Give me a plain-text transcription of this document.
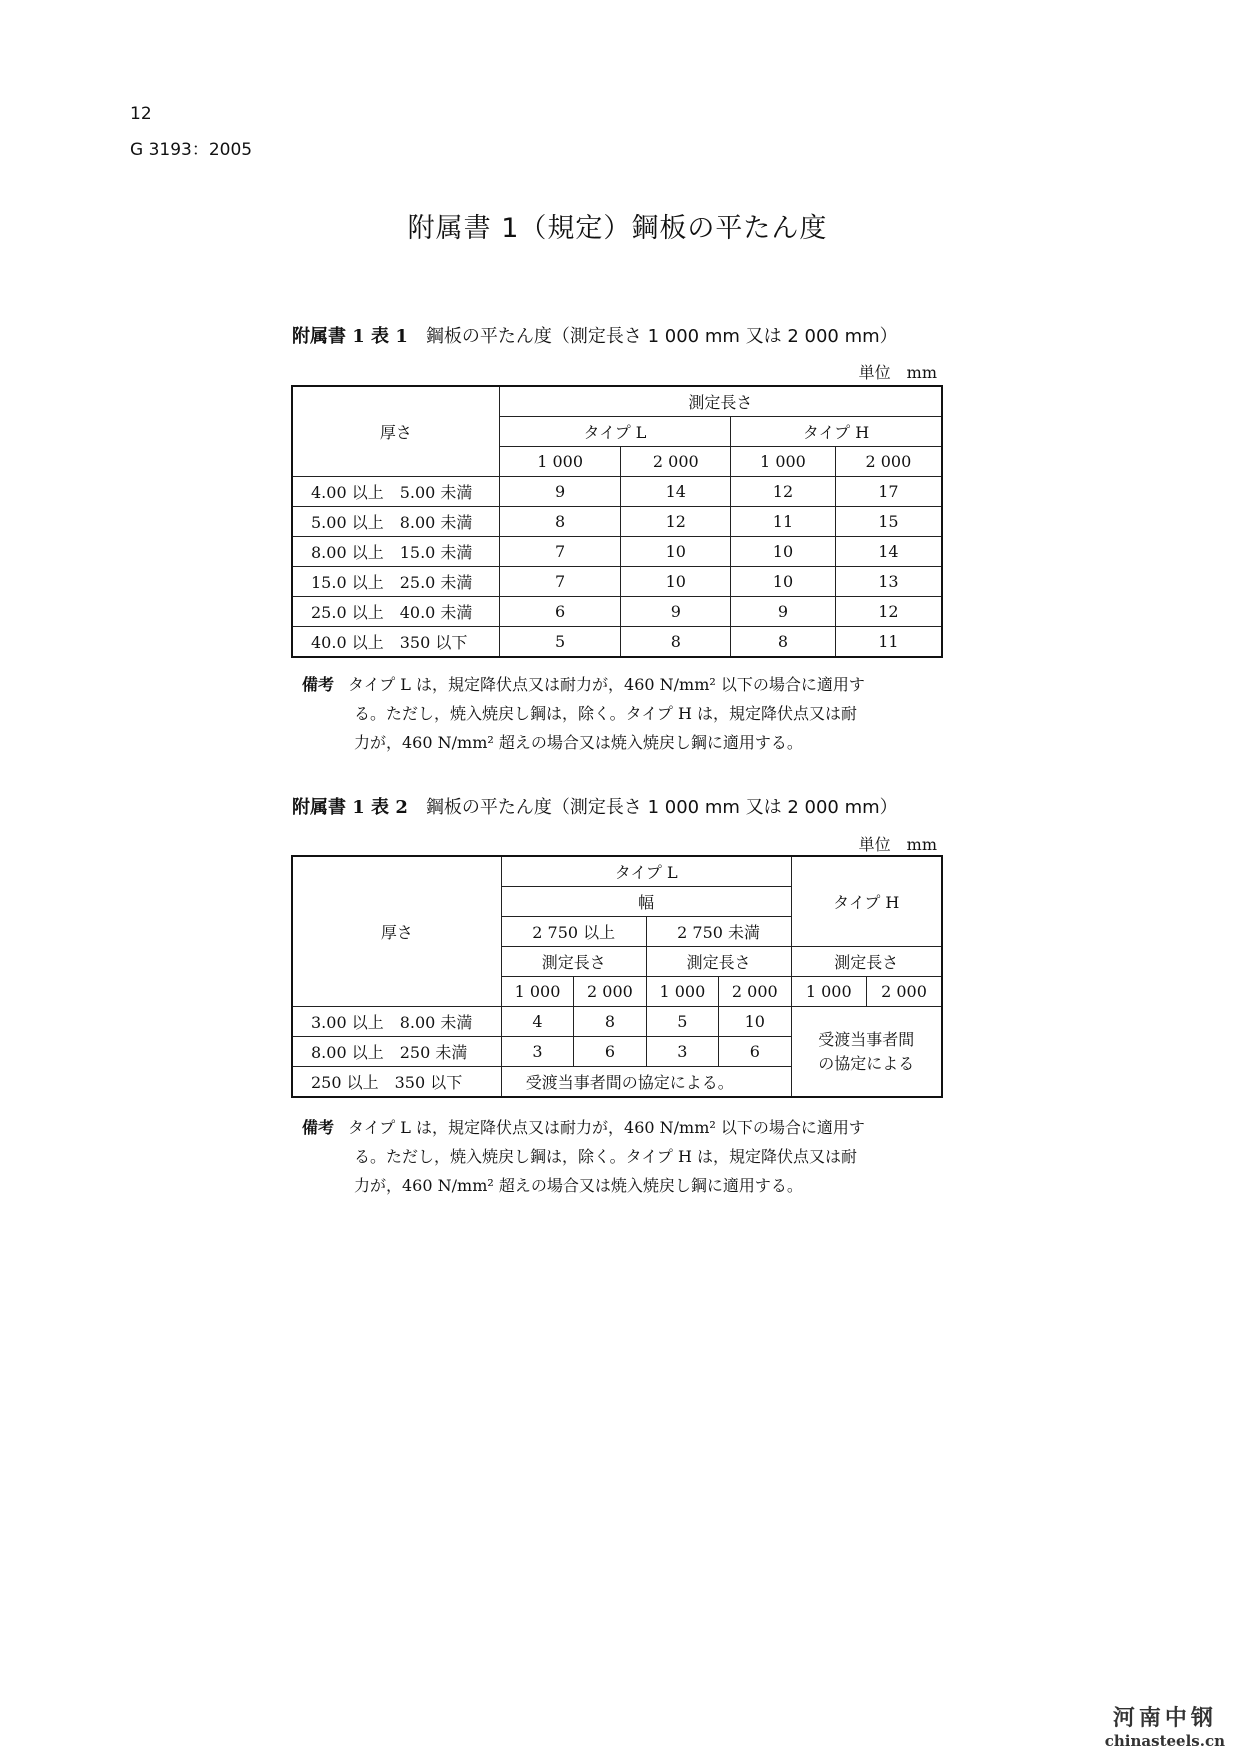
12
G 3193：2005
附属書 1（規定）鋼板の平たん度
附属書 1 表 1 鋼板の平たん度（測定長さ 1 000 mm 又は 2 000 mm）
単位　mm
厚さ	測定長さ			
	タイプ L		タイプ H	
	1 000	2 000	1 000	2 000
4.00 以上　5.00 未満	9	14	12	17
5.00 以上　8.00 未満	8	12	11	15
8.00 以上　15.0 未満	7	10	10	14
15.0 以上　25.0 未満	7	10	10	13
25.0 以上　40.0 未満	6	9	9	12
40.0 以上　350 以下	5	8	8	11
備考 タイプ L は，規定降伏点又は耐力が，460 N/mm² 以下の場合に適用す
る。ただし，焼入焼戻し鋼は，除く。タイプ H は，規定降伏点又は耐
力が，460 N/mm² 超えの場合又は焼入焼戻し鋼に適用する。
附属書 1 表 2 鋼板の平たん度（測定長さ 1 000 mm 又は 2 000 mm）
単位　mm
厚さ	タイプ L				タイプ H	
	幅					
	2 750 以上		2 750 未満			
	測定長さ		測定長さ		測定長さ	
	1 000	2 000	1 000	2 000	1 000	2 000
3.00 以上　8.00 未満	4	8	5	10	受渡当事者間
の協定による	
8.00 以上　250 未満	3	6	3	6		
250 以上　350 以下	受渡当事者間の協定による。					
備考 タイプ L は，規定降伏点又は耐力が，460 N/mm² 以下の場合に適用す
る。ただし，焼入焼戻し鋼は，除く。タイプ H は，規定降伏点又は耐
力が，460 N/mm² 超えの場合又は焼入焼戻し鋼に適用する。
河南中钢
chinasteels.cn
